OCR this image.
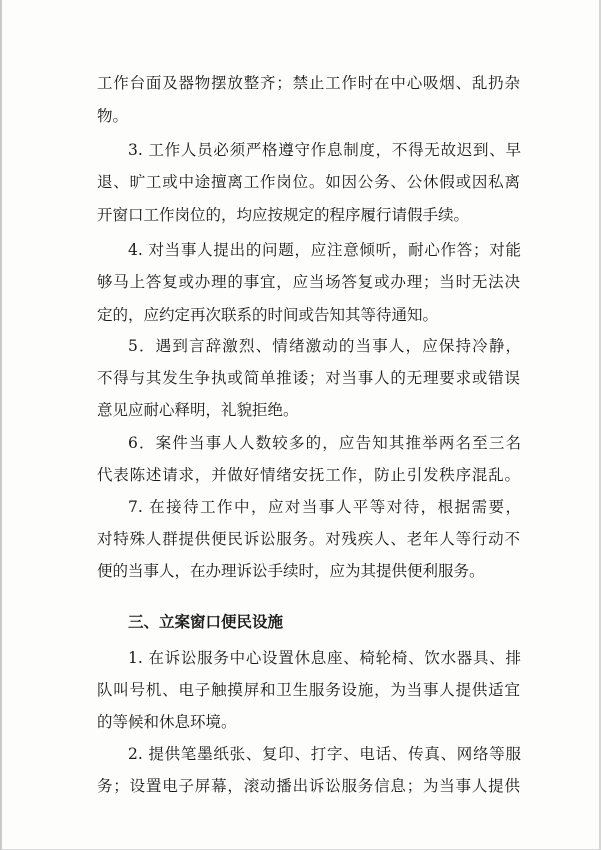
工作台面及器物摆放整齐；禁止工作时在中心吸烟、乱扔杂
物。
3. 工作人员必须严格遵守作息制度，不得无故迟到、早
退、旷工或中途擅离工作岗位。如因公务、公休假或因私离
开窗口工作岗位的，均应按规定的程序履行请假手续。
4. 对当事人提出的问题，应注意倾听，耐心作答；对能
够马上答复或办理的事宜，应当场答复或办理；当时无法决
定的，应约定再次联系的时间或告知其等待通知。
5．遇到言辞激烈、情绪激动的当事人，应保持冷静，
不得与其发生争执或简单推诿；对当事人的无理要求或错误
意见应耐心释明，礼貌拒绝。
6．案件当事人人数较多的，应告知其推举两名至三名
代表陈述请求，并做好情绪安抚工作，防止引发秩序混乱。
7. 在接待工作中，应对当事人平等对待，根据需要，
对特殊人群提供便民诉讼服务。对残疾人、老年人等行动不
便的当事人，在办理诉讼手续时，应为其提供便利服务。
三、立案窗口便民设施
1. 在诉讼服务中心设置休息座、椅轮椅、饮水器具、排
队叫号机、电子触摸屏和卫生服务设施，为当事人提供适宜
的等候和休息环境。
2. 提供笔墨纸张、复印、打字、电话、传真、网络等服
务；设置电子屏幕，滚动播出诉讼服务信息；为当事人提供
